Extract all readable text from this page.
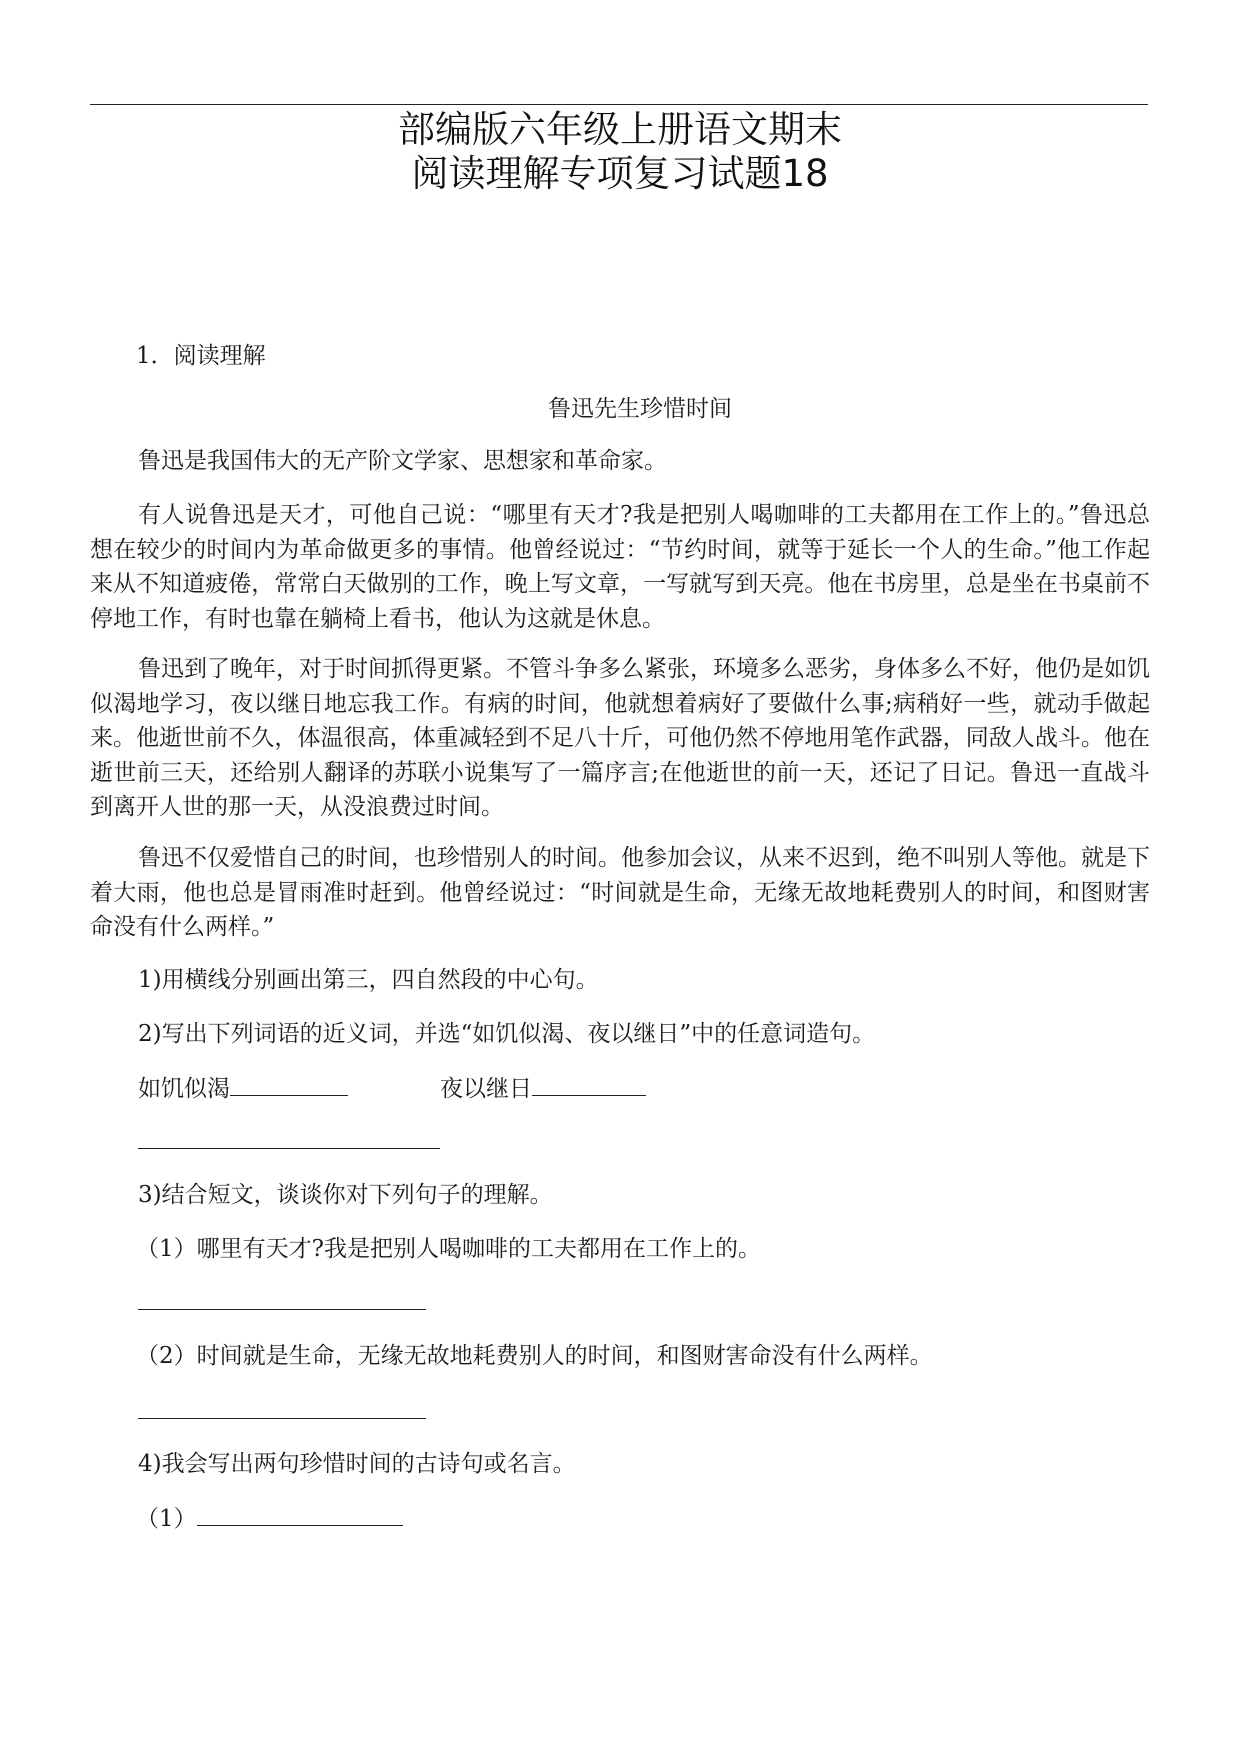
部编版六年级上册语文期末
阅读理解专项复习试题18
1．阅读理解
鲁迅先生珍惜时间
鲁迅是我国伟大的无产阶文学家、思想家和革命家。
有人说鲁迅是天才，可他自己说：“哪里有天才?我是把别人喝咖啡的工夫都用在工作上的。”鲁迅总想在较少的时间内为革命做更多的事情。他曾经说过：“节约时间，就等于延长一个人的生命。”他工作起来从不知道疲倦，常常白天做别的工作，晚上写文章，一写就写到天亮。他在书房里，总是坐在书桌前不停地工作，有时也靠在躺椅上看书，他认为这就是休息。
鲁迅到了晚年，对于时间抓得更紧。不管斗争多么紧张，环境多么恶劣，身体多么不好，他仍是如饥似渴地学习，夜以继日地忘我工作。有病的时间，他就想着病好了要做什么事;病稍好一些，就动手做起来。他逝世前不久，体温很高，体重减轻到不足八十斤，可他仍然不停地用笔作武器，同敌人战斗。他在逝世前三天，还给别人翻译的苏联小说集写了一篇序言;在他逝世的前一天，还记了日记。鲁迅一直战斗到离开人世的那一天，从没浪费过时间。
鲁迅不仅爱惜自己的时间，也珍惜别人的时间。他参加会议，从来不迟到，绝不叫别人等他。就是下着大雨，他也总是冒雨准时赶到。他曾经说过：“时间就是生命，无缘无故地耗费别人的时间，和图财害命没有什么两样。”
1)用横线分别画出第三，四自然段的中心句。
2)写出下列词语的近义词，并选“如饥似渴、夜以继日”中的任意词造句。
如饥似渴	夜以继日
3)结合短文，谈谈你对下列句子的理解。
（1）哪里有天才?我是把别人喝咖啡的工夫都用在工作上的。
（2）时间就是生命，无缘无故地耗费别人的时间，和图财害命没有什么两样。
4)我会写出两句珍惜时间的古诗句或名言。
（1）
